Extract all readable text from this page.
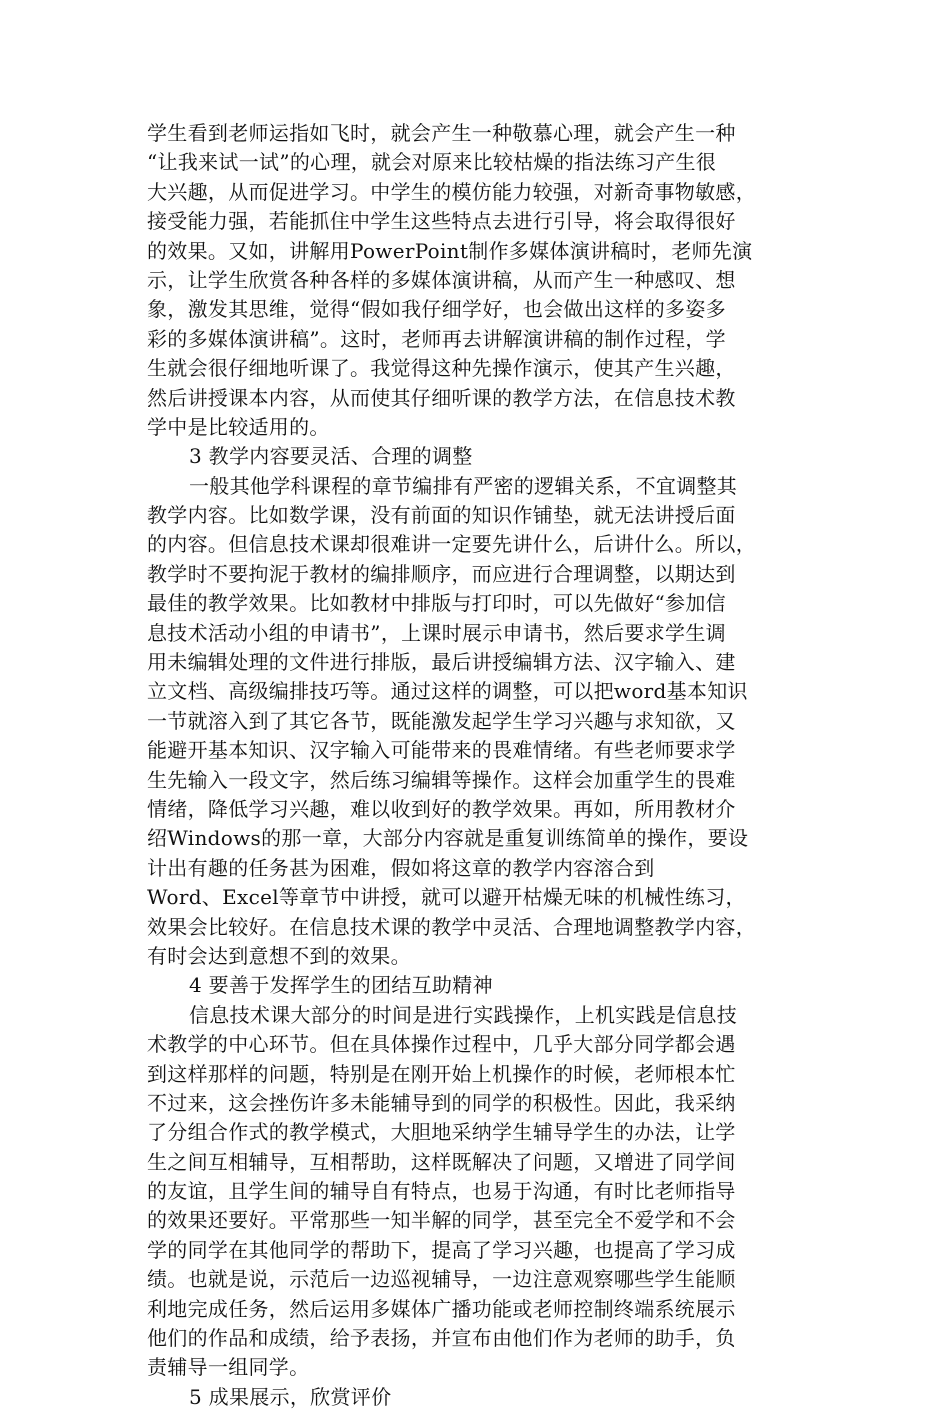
学生看到老师运指如飞时，就会产生一种敬慕心理，就会产生一种
“让我来试一试”的心理，就会对原来比较枯燥的指法练习产生很
大兴趣，从而促进学习。中学生的模仿能力较强，对新奇事物敏感，
接受能力强，若能抓住中学生这些特点去进行引导，将会取得很好
的效果。又如，讲解用PowerPoint制作多媒体演讲稿时，老师先演
示，让学生欣赏各种各样的多媒体演讲稿，从而产生一种感叹、想
象，激发其思维，觉得“假如我仔细学好，也会做出这样的多姿多
彩的多媒体演讲稿”。这时，老师再去讲解演讲稿的制作过程，学
生就会很仔细地听课了。我觉得这种先操作演示，使其产生兴趣，
然后讲授课本内容，从而使其仔细听课的教学方法，在信息技术教
学中是比较适用的。
3 教学内容要灵活、合理的调整
一般其他学科课程的章节编排有严密的逻辑关系，不宜调整其
教学内容。比如数学课，没有前面的知识作铺垫，就无法讲授后面
的内容。但信息技术课却很难讲一定要先讲什么，后讲什么。所以，
教学时不要拘泥于教材的编排顺序，而应进行合理调整，以期达到
最佳的教学效果。比如教材中排版与打印时，可以先做好“参加信
息技术活动小组的申请书”，上课时展示申请书，然后要求学生调
用未编辑处理的文件进行排版，最后讲授编辑方法、汉字输入、建
立文档、高级编排技巧等。通过这样的调整，可以把word基本知识
一节就溶入到了其它各节，既能激发起学生学习兴趣与求知欲，又
能避开基本知识、汉字输入可能带来的畏难情绪。有些老师要求学
生先输入一段文字，然后练习编辑等操作。这样会加重学生的畏难
情绪，降低学习兴趣，难以收到好的教学效果。再如，所用教材介
绍Windows的那一章，大部分内容就是重复训练简单的操作，要设
计出有趣的任务甚为困难，假如将这章的教学内容溶合到
Word、Excel等章节中讲授，就可以避开枯燥无味的机械性练习，
效果会比较好。在信息技术课的教学中灵活、合理地调整教学内容，
有时会达到意想不到的效果。
4 要善于发挥学生的团结互助精神
信息技术课大部分的时间是进行实践操作，上机实践是信息技
术教学的中心环节。但在具体操作过程中，几乎大部分同学都会遇
到这样那样的问题，特别是在刚开始上机操作的时候，老师根本忙
不过来，这会挫伤许多未能辅导到的同学的积极性。因此，我采纳
了分组合作式的教学模式，大胆地采纳学生辅导学生的办法，让学
生之间互相辅导，互相帮助，这样既解决了问题，又增进了同学间
的友谊，且学生间的辅导自有特点，也易于沟通，有时比老师指导
的效果还要好。平常那些一知半解的同学，甚至完全不爱学和不会
学的同学在其他同学的帮助下，提高了学习兴趣，也提高了学习成
绩。也就是说，示范后一边巡视辅导，一边注意观察哪些学生能顺
利地完成任务，然后运用多媒体广播功能或老师控制终端系统展示
他们的作品和成绩，给予表扬，并宣布由他们作为老师的助手，负
责辅导一组同学。
5 成果展示，欣赏评价
